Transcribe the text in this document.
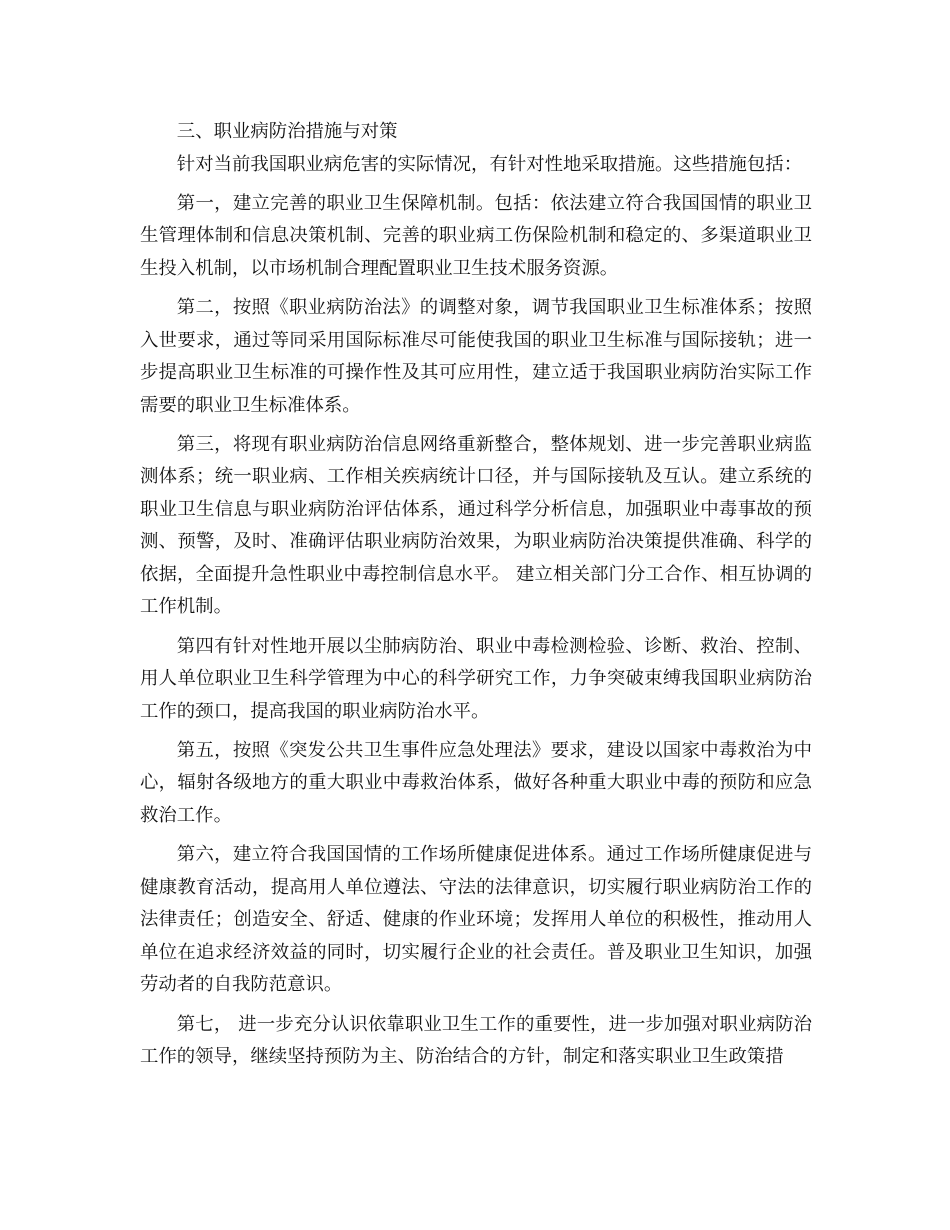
三、职业病防治措施与对策

针对当前我国职业病危害的实际情况，有针对性地采取措施。这些措施包括：

第一，建立完善的职业卫生保障机制。包括：依法建立符合我国国情的职业卫生管理体制和信息决策机制、完善的职业病工伤保险机制和稳定的、多渠道职业卫生投入机制，以市场机制合理配置职业卫生技术服务资源。

第二，按照《职业病防治法》的调整对象，调节我国职业卫生标准体系；按照入世要求，通过等同采用国际标准尽可能使我国的职业卫生标准与国际接轨；进一步提高职业卫生标准的可操作性及其可应用性，建立适于我国职业病防治实际工作需要的职业卫生标准体系。

第三，将现有职业病防治信息网络重新整合，整体规划、进一步完善职业病监测体系；统一职业病、工作相关疾病统计口径，并与国际接轨及互认。建立系统的职业卫生信息与职业病防治评估体系，通过科学分析信息，加强职业中毒事故的预测、预警，及时、准确评估职业病防治效果，为职业病防治决策提供准确、科学的依据，全面提升急性职业中毒控制信息水平。 建立相关部门分工合作、相互协调的工作机制。

第四有针对性地开展以尘肺病防治、职业中毒检测检验、诊断、救治、控制、用人单位职业卫生科学管理为中心的科学研究工作，力争突破束缚我国职业病防治工作的颈口，提高我国的职业病防治水平。

第五，按照《突发公共卫生事件应急处理法》要求，建设以国家中毒救治为中心，辐射各级地方的重大职业中毒救治体系，做好各种重大职业中毒的预防和应急救治工作。

第六，建立符合我国国情的工作场所健康促进体系。通过工作场所健康促进与健康教育活动，提高用人单位遵法、守法的法律意识，切实履行职业病防治工作的法律责任；创造安全、舒适、健康的作业环境；发挥用人单位的积极性，推动用人单位在追求经济效益的同时，切实履行企业的社会责任。普及职业卫生知识，加强劳动者的自我防范意识。

第七， 进一步充分认识依靠职业卫生工作的重要性，进一步加强对职业病防治工作的领导，继续坚持预防为主、防治结合的方针，制定和落实职业卫生政策措
